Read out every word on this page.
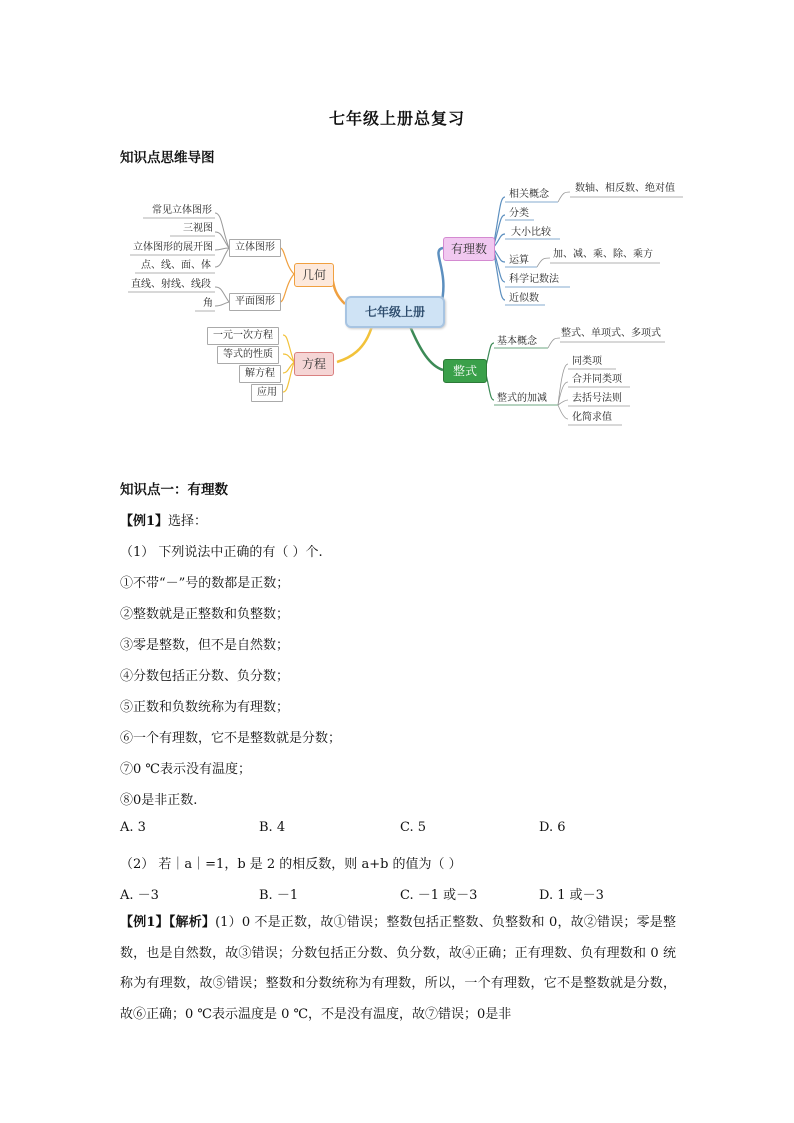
七年级上册总复习
知识点思维导图
七年级上册
几何
立体图形
平面图形
常见立体图形
三视图
立体图形的展开图
点、线、面、体
直线、射线、线段
角
方程
一元一次方程
等式的性质
解方程
应用
有理数
相关概念
分类
大小比较
运算
科学记数法
近似数
数轴、相反数、绝对值
加、减、乘、除、乘方
整式
基本概念
整式的加减
整式、单项式、多项式
同类项
合并同类项
去括号法则
化简求值
知识点一：有理数
【例1】选择：
（1） 下列说法中正确的有（ ）个.
①不带“－”号的数都是正数；
②整数就是正整数和负整数；
③零是整数，但不是自然数；
④分数包括正分数、负分数；
⑤正数和负数统称为有理数；
⑥一个有理数，它不是整数就是分数；
⑦0 ℃表示没有温度；
⑧0是非正数.
A. 3	B. 4	C. 5	D. 6
（2） 若｜a｜=1，b 是 2 的相反数，则 a+b 的值为（ ）
A. －3	B. －1	C. －1 或－3	D. 1 或－3
【例1】【解析】(1）0 不是正数，故①错误；整数包括正整数、负整数和 0，故②错误；零是整数，也是自然数，故③错误；分数包括正分数、负分数，故④正确；正有理数、负有理数和 0 统称为有理数，故⑤错误；整数和分数统称为有理数，所以，一个有理数，它不是整数就是分数，故⑥正确；0 ℃表示温度是 0 ℃，不是没有温度，故⑦错误；0是非
